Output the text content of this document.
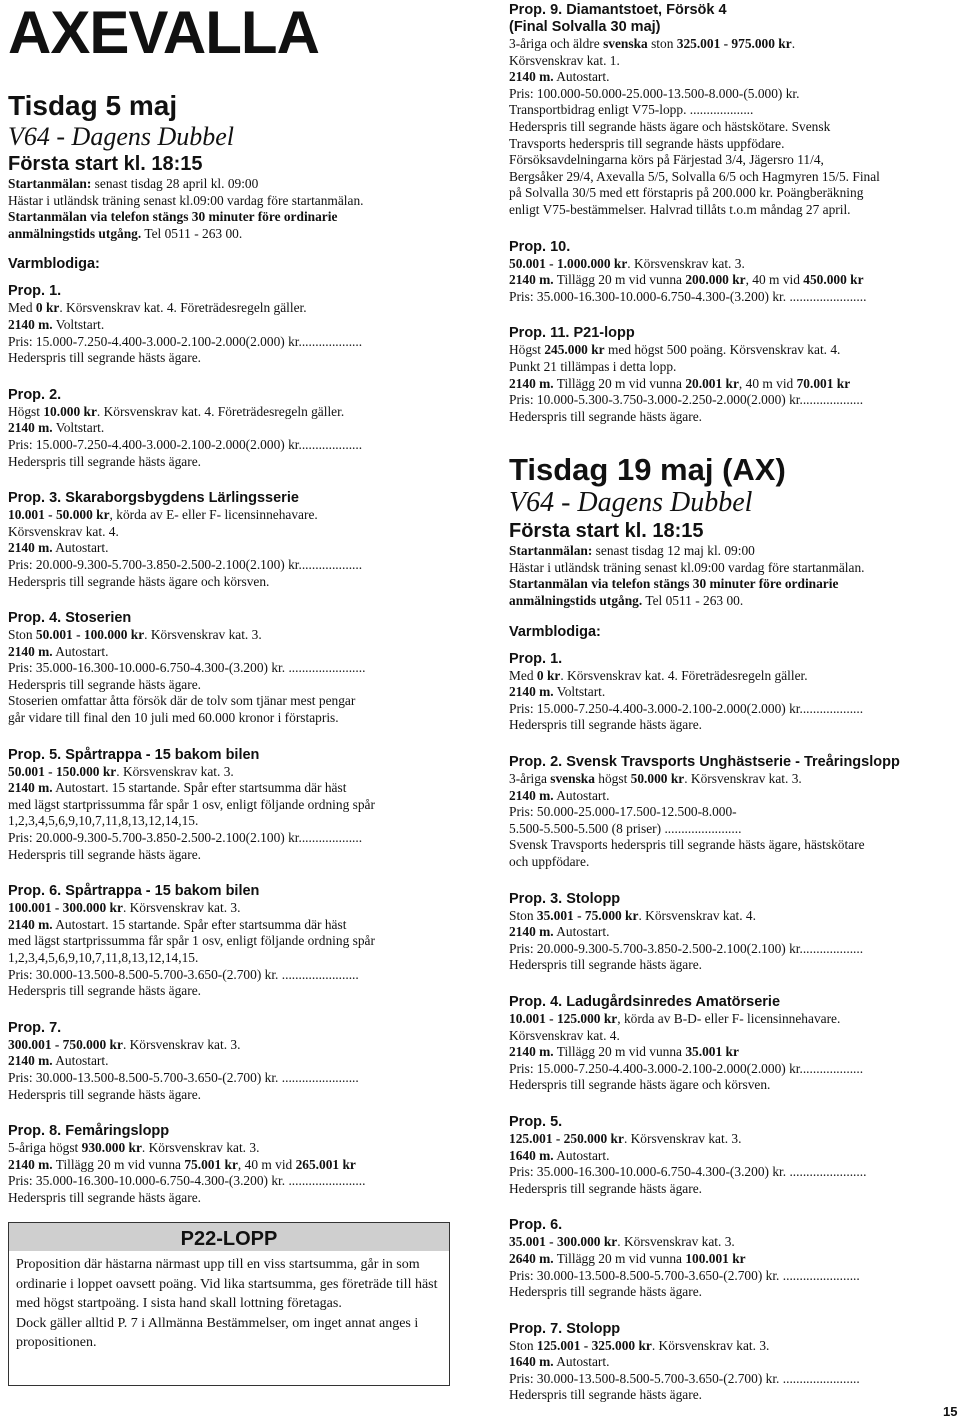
AXEVALLA
Tisdag 5 maj
V64 - Dagens Dubbel
Första start kl. 18:15
Startanmälan: senast tisdag 28 april kl. 09:00
Hästar i utländsk träning senast kl.09:00 vardag före startanmälan.
Startanmälan via telefon stängs 30 minuter före ordinarie
anmälningstids utgång. Tel 0511 - 263 00.
Varmblodiga:
Prop. 1.
Med 0 kr. Körsvenskrav kat. 4. Företrädesregeln gäller.
2140 m. Voltstart.
Pris: 15.000-7.250-4.400-3.000-2.100-2.000(2.000) kr...................
Hederspris till segrande hästs ägare.
Prop. 2.
Högst 10.000 kr. Körsvenskrav kat. 4. Företrädesregeln gäller.
2140 m. Voltstart.
Pris: 15.000-7.250-4.400-3.000-2.100-2.000(2.000) kr...................
Hederspris till segrande hästs ägare.
Prop. 3. Skaraborgsbygdens Lärlingsserie
10.001 - 50.000 kr, körda av E- eller F- licensinnehavare.
Körsvenskrav kat. 4.
2140 m. Autostart.
Pris: 20.000-9.300-5.700-3.850-2.500-2.100(2.100) kr...................
Hederspris till segrande hästs ägare och körsven.
Prop. 4. Stoserien
Ston 50.001 - 100.000 kr. Körsvenskrav kat. 3.
2140 m. Autostart.
Pris: 35.000-16.300-10.000-6.750-4.300-(3.200) kr. .......................
Hederspris till segrande hästs ägare.
Stoserien omfattar åtta försök där de tolv som tjänar mest pengar
går vidare till final den 10 juli med 60.000 kronor i förstapris.
Prop. 5. Spårtrappa - 15 bakom bilen
50.001 - 150.000 kr. Körsvenskrav kat. 3.
2140 m. Autostart. 15 startande. Spår efter startsumma där häst
med lägst startprissumma får spår 1 osv, enligt följande ordning spår
1,2,3,4,5,6,9,10,7,11,8,13,12,14,15.
Pris: 20.000-9.300-5.700-3.850-2.500-2.100(2.100) kr...................
Hederspris till segrande hästs ägare.
Prop. 6. Spårtrappa - 15 bakom bilen
100.001 - 300.000 kr. Körsvenskrav kat. 3.
2140 m. Autostart. 15 startande. Spår efter startsumma där häst
med lägst startprissumma får spår 1 osv, enligt följande ordning spår
1,2,3,4,5,6,9,10,7,11,8,13,12,14,15.
Pris: 30.000-13.500-8.500-5.700-3.650-(2.700) kr. .......................
Hederspris till segrande hästs ägare.
Prop. 7.
300.001 - 750.000 kr. Körsvenskrav kat. 3.
2140 m. Autostart.
Pris: 30.000-13.500-8.500-5.700-3.650-(2.700) kr. .......................
Hederspris till segrande hästs ägare.
Prop. 8. Femåringslopp
5-åriga högst 930.000 kr. Körsvenskrav kat. 3.
2140 m. Tillägg 20 m vid vunna 75.001 kr, 40 m vid 265.001 kr
Pris: 35.000-16.300-10.000-6.750-4.300-(3.200) kr. .......................
Hederspris till segrande hästs ägare.
P22-LOPP
Proposition där hästarna närmast upp till en viss startsumma, går in som ordinarie i loppet oavsett poäng. Vid lika startsumma, ges företräde till häst med högst startpoäng. I sista hand skall lottning företagas.
Dock gäller alltid P. 7 i Allmänna Bestämmelser, om inget annat anges i propositionen.
Prop. 9. Diamantstoet, Försök 4
(Final Solvalla 30 maj)
3-åriga och äldre svenska ston 325.001 - 975.000 kr.
Körsvenskrav kat. 1.
2140 m. Autostart.
Pris: 100.000-50.000-25.000-13.500-8.000-(5.000) kr.
Transportbidrag enligt V75-lopp. ...................
Hederspris till segrande hästs ägare och hästskötare. Svensk
Travsports hederspris till segrande hästs uppfödare.
Försöksavdelningarna körs på Färjestad 3/4, Jägersro 11/4,
Bergsåker 29/4, Axevalla 5/5, Solvalla 6/5 och Hagmyren 15/5. Final
på Solvalla 30/5 med ett förstapris på 200.000 kr. Poängberäkning
enligt V75-bestämmelser. Halvrad tillåts t.o.m måndag 27 april.
Prop. 10.
50.001 - 1.000.000 kr. Körsvenskrav kat. 3.
2140 m. Tillägg 20 m vid vunna 200.000 kr, 40 m vid 450.000 kr
Pris: 35.000-16.300-10.000-6.750-4.300-(3.200) kr. .......................
Prop. 11. P21-lopp
Högst 245.000 kr med högst 500 poäng. Körsvenskrav kat. 4.
Punkt 21 tillämpas i detta lopp.
2140 m. Tillägg 20 m vid vunna 20.001 kr, 40 m vid 70.001 kr
Pris: 10.000-5.300-3.750-3.000-2.250-2.000(2.000) kr...................
Hederspris till segrande hästs ägare.
Tisdag 19 maj (AX)
V64 - Dagens Dubbel
Första start kl. 18:15
Startanmälan: senast tisdag 12 maj kl. 09:00
Hästar i utländsk träning senast kl.09:00 vardag före startanmälan.
Startanmälan via telefon stängs 30 minuter före ordinarie
anmälningstids utgång. Tel 0511 - 263 00.
Varmblodiga:
Prop. 1.
Med 0 kr. Körsvenskrav kat. 4. Företrädesregeln gäller.
2140 m. Voltstart.
Pris: 15.000-7.250-4.400-3.000-2.100-2.000(2.000) kr...................
Hederspris till segrande hästs ägare.
Prop. 2. Svensk Travsports Unghästserie - Treåringslopp
3-åriga svenska högst 50.000 kr. Körsvenskrav kat. 3.
2140 m. Autostart.
Pris: 50.000-25.000-17.500-12.500-8.000-
5.500-5.500-5.500 (8 priser) .......................
Svensk Travsports hederspris till segrande hästs ägare, hästskötare
och uppfödare.
Prop. 3. Stolopp
Ston 35.001 - 75.000 kr. Körsvenskrav kat. 4.
2140 m. Autostart.
Pris: 20.000-9.300-5.700-3.850-2.500-2.100(2.100) kr...................
Hederspris till segrande hästs ägare.
Prop. 4. Ladugårdsinredes Amatörserie
10.001 - 125.000 kr, körda av B-D- eller F- licensinnehavare.
Körsvenskrav kat. 4.
2140 m. Tillägg 20 m vid vunna 35.001 kr
Pris: 15.000-7.250-4.400-3.000-2.100-2.000(2.000) kr...................
Hederspris till segrande hästs ägare och körsven.
Prop. 5.
125.001 - 250.000 kr. Körsvenskrav kat. 3.
1640 m. Autostart.
Pris: 35.000-16.300-10.000-6.750-4.300-(3.200) kr. .......................
Hederspris till segrande hästs ägare.
Prop. 6.
35.001 - 300.000 kr. Körsvenskrav kat. 3.
2640 m. Tillägg 20 m vid vunna 100.001 kr
Pris: 30.000-13.500-8.500-5.700-3.650-(2.700) kr. .......................
Hederspris till segrande hästs ägare.
Prop. 7. Stolopp
Ston 125.001 - 325.000 kr. Körsvenskrav kat. 3.
1640 m. Autostart.
Pris: 30.000-13.500-8.500-5.700-3.650-(2.700) kr. .......................
Hederspris till segrande hästs ägare.
15
